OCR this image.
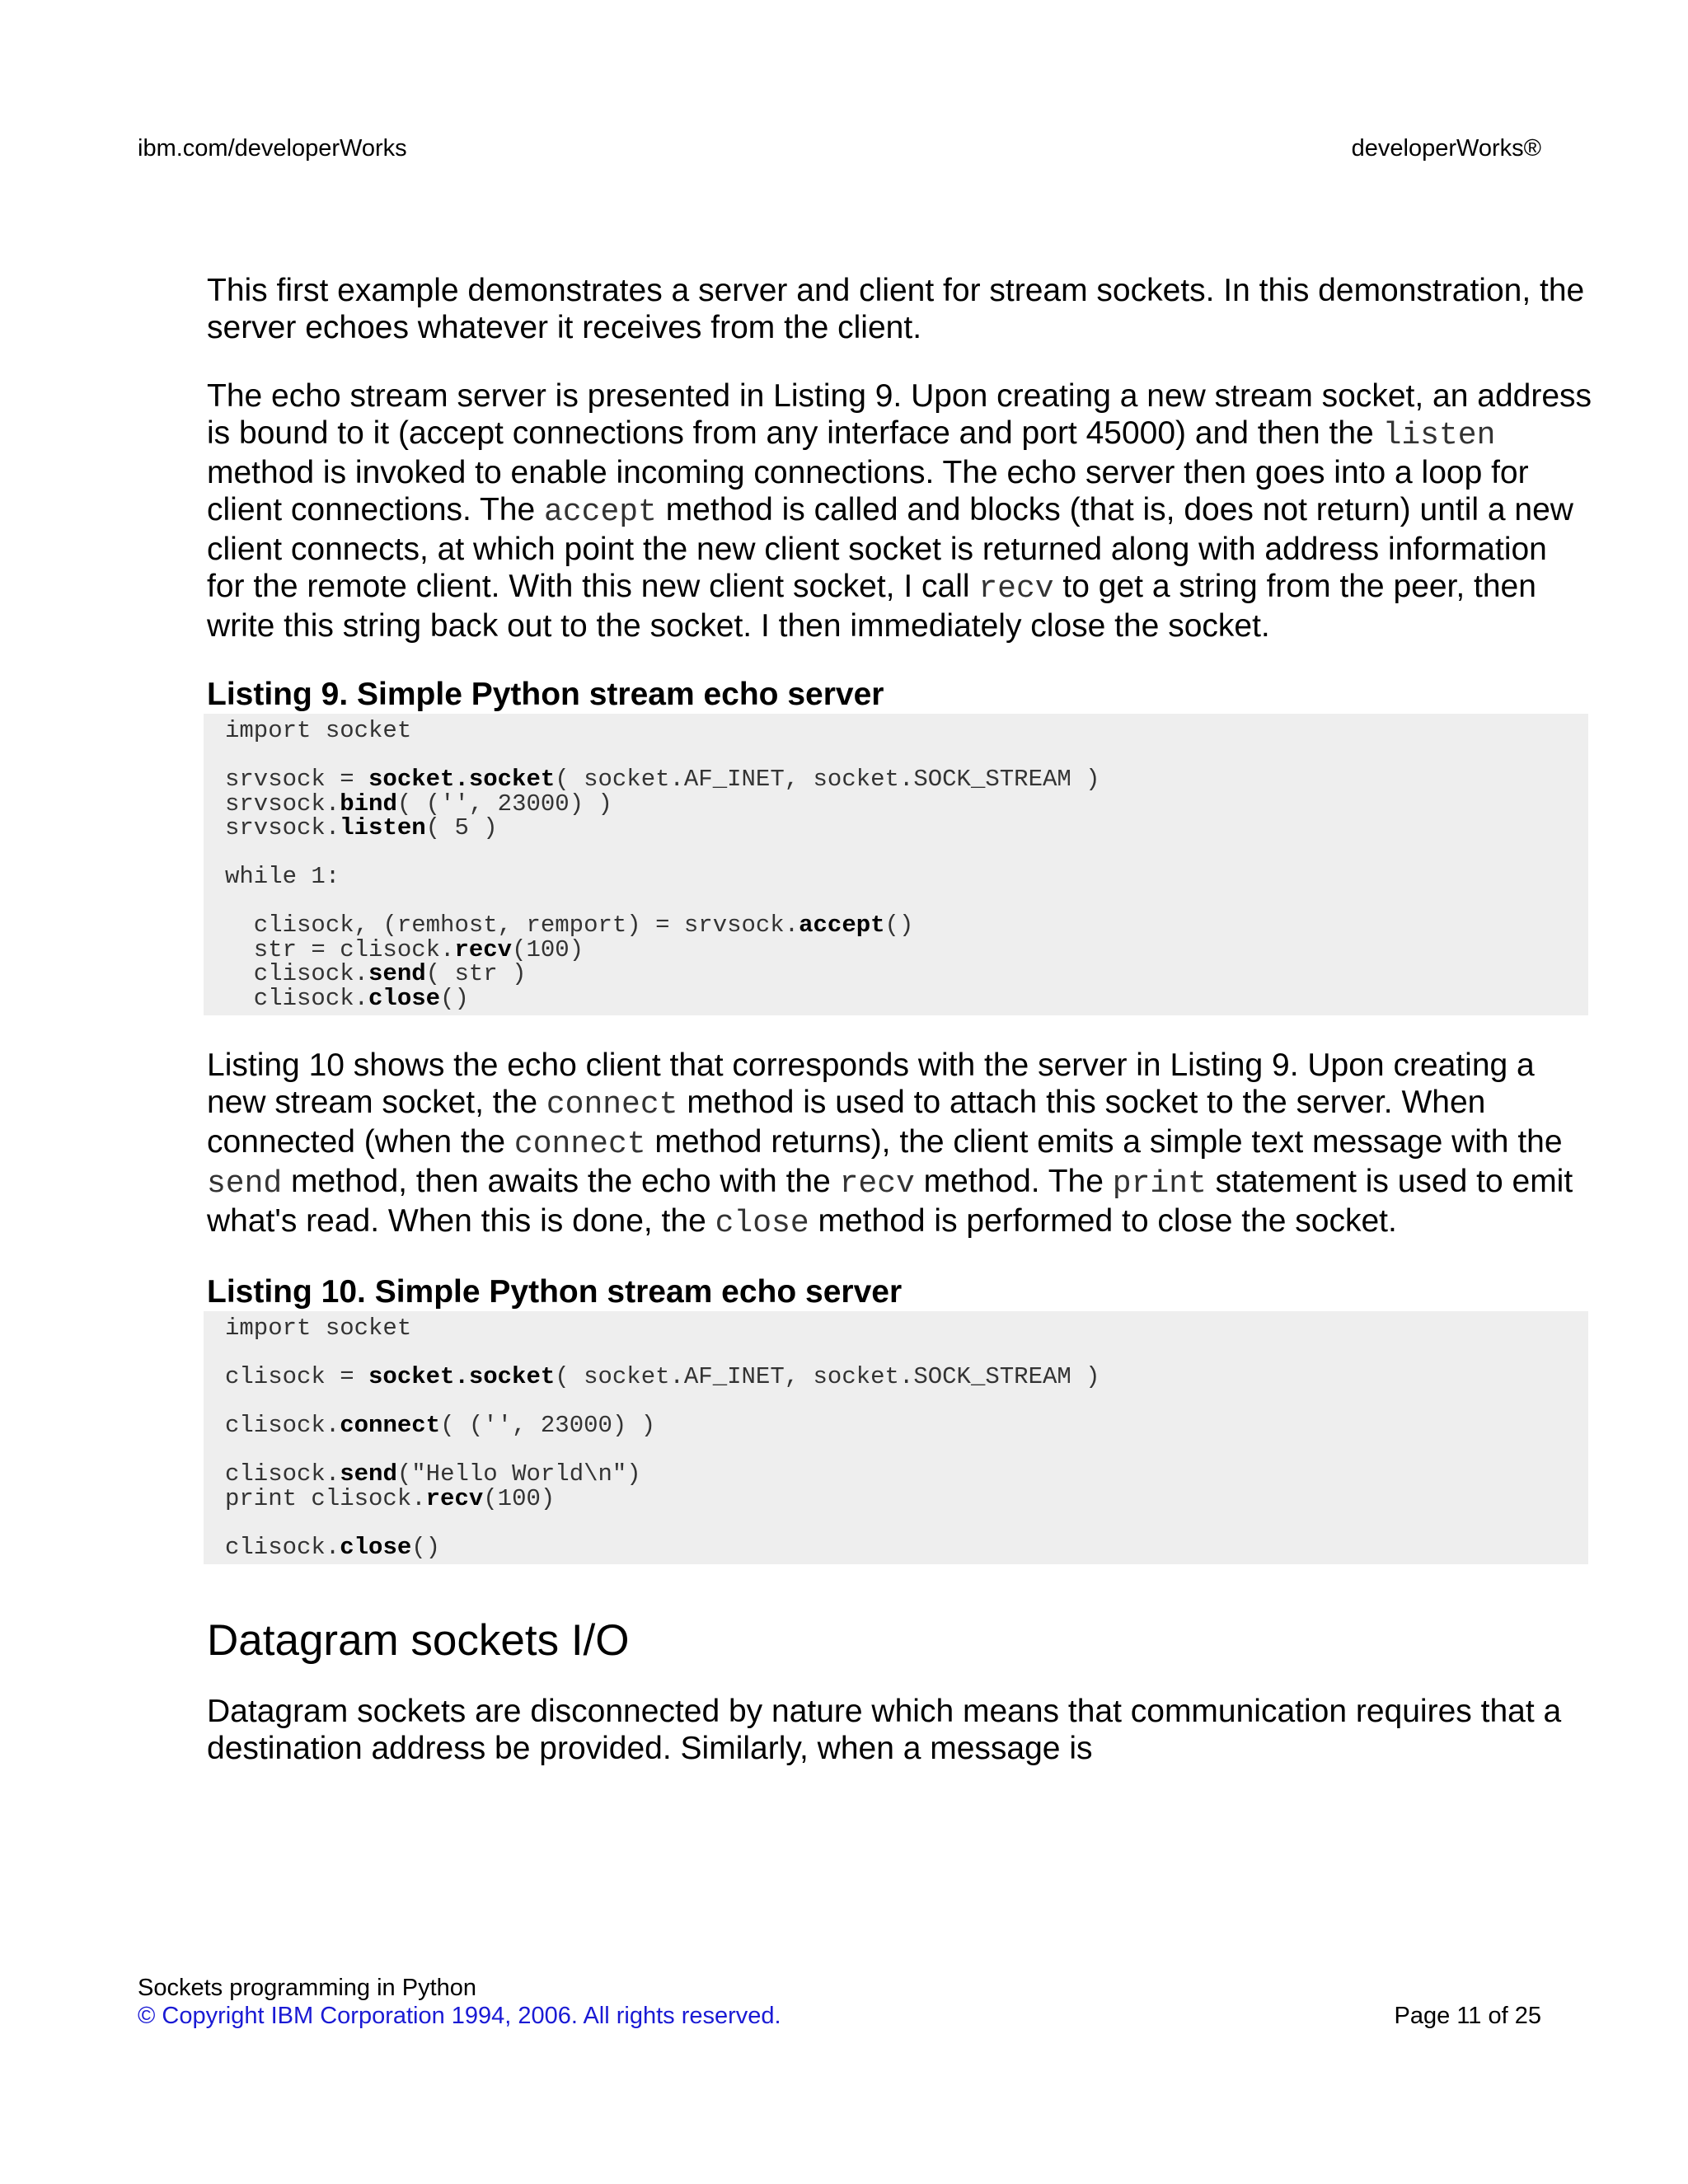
ibm.com/developerWorks	developerWorks®

This first example demonstrates a server and client for stream sockets. In this demonstration, the server echoes whatever it receives from the client.

The echo stream server is presented in Listing 9. Upon creating a new stream socket, an address is bound to it (accept connections from any interface and port 45000) and then the listen method is invoked to enable incoming connections. The echo server then goes into a loop for client connections. The accept method is called and blocks (that is, does not return) until a new client connects, at which point the new client socket is returned along with address information for the remote client. With this new client socket, I call recv to get a string from the peer, then write this string back out to the socket. I then immediately close the socket.

Listing 9. Simple Python stream echo server
import socket

srvsock = socket.socket( socket.AF_INET, socket.SOCK_STREAM )
srvsock.bind( ('', 23000) )
srvsock.listen( 5 )

while 1:

clisock, (remhost, remport) = srvsock.accept()
str = clisock.recv(100)
clisock.send( str )
clisock.close()

Listing 10 shows the echo client that corresponds with the server in Listing 9. Upon creating a new stream socket, the connect method is used to attach this socket to the server. When connected (when the connect method returns), the client emits a simple text message with the send method, then awaits the echo with the recv method. The print statement is used to emit what's read. When this is done, the close method is performed to close the socket.

Listing 10. Simple Python stream echo server
import socket

clisock = socket.socket( socket.AF_INET, socket.SOCK_STREAM )

clisock.connect( ('', 23000) )

clisock.send("Hello World\n")
print clisock.recv(100)

clisock.close()
Datagram sockets I/O

Datagram sockets are disconnected by nature which means that communication requires that a destination address be provided. Similarly, when a message is

Sockets programming in Python
© Copyright IBM Corporation 1994, 2006. All rights reserved.	Page 11 of 25
